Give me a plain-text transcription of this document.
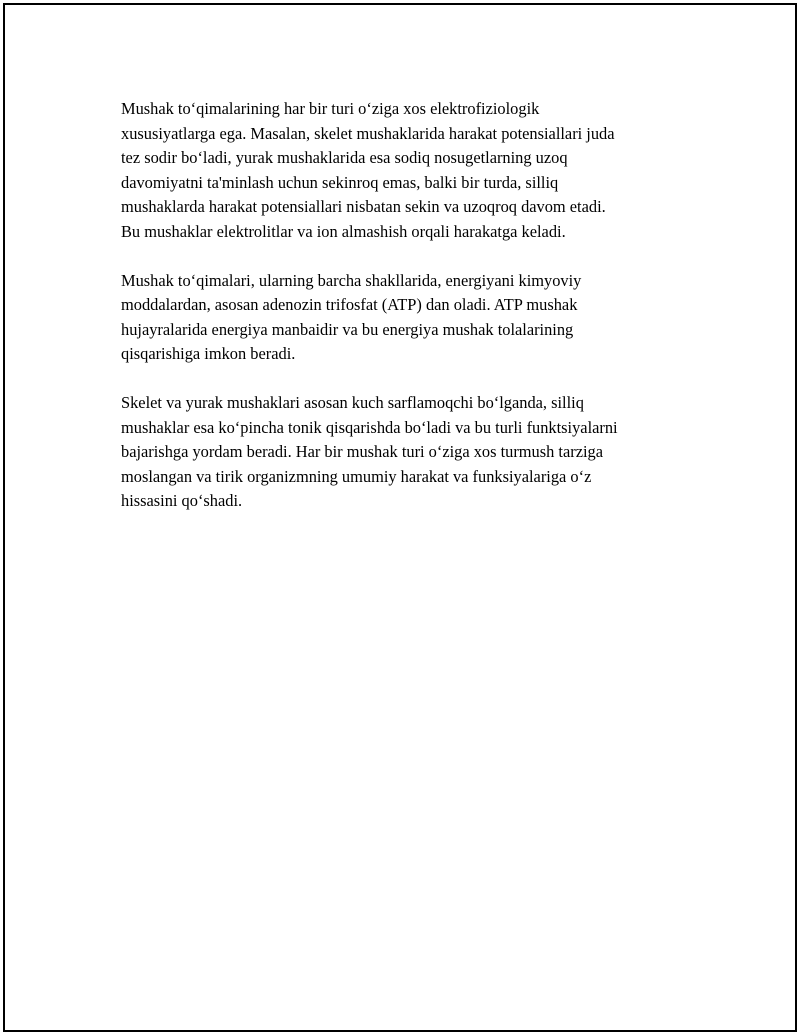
Mushak to‘qimalarining har bir turi o‘ziga xos elektrofiziologik
xususiyatlarga ega. Masalan, skelet mushaklarida harakat potensiallari juda
tez sodir bo‘ladi, yurak mushaklarida esa sodiq nosugetlarning uzoq
davomiyatni ta'minlash uchun sekinroq emas, balki bir turda, silliq
mushaklarda harakat potensiallari nisbatan sekin va uzoqroq davom etadi.
Bu mushaklar elektrolitlar va ion almashish orqali harakatga keladi.

Mushak to‘qimalari, ularning barcha shakllarida, energiyani kimyoviy
moddalardan, asosan adenozin trifosfat (ATP) dan oladi. ATP mushak
hujayralarida energiya manbaidir va bu energiya mushak tolalarining
qisqarishiga imkon beradi.

Skelet va yurak mushaklari asosan kuch sarflamoqchi bo‘lganda, silliq
mushaklar esa ko‘pincha tonik qisqarishda bo‘ladi va bu turli funktsiyalarni
bajarishga yordam beradi. Har bir mushak turi o‘ziga xos turmush tarziga
moslangan va tirik organizmning umumiy harakat va funksiyalariga o‘z
hissasini qo‘shadi.
